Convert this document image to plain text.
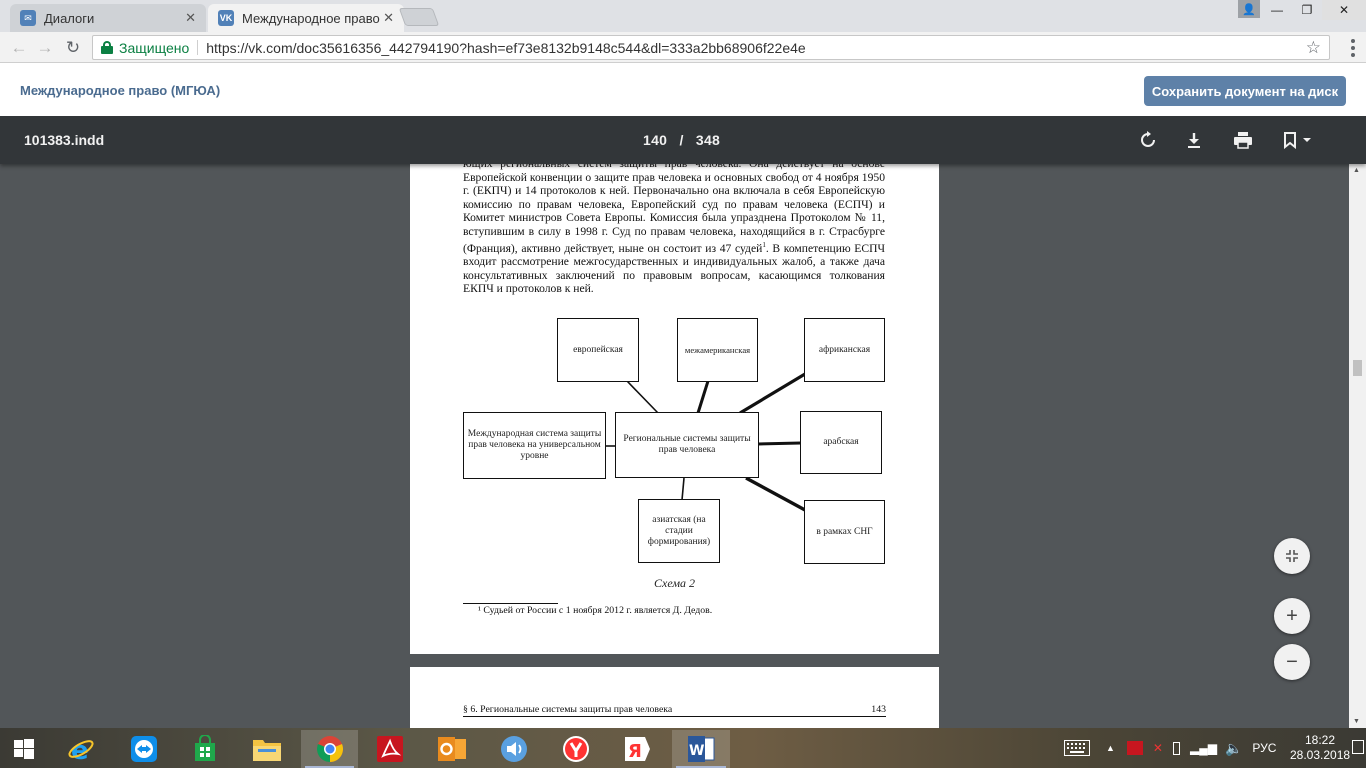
✉ Диалоги	✕	VK Международное право ✕
👤	—	❐	✕
← → ↻	Защищено https://vk.com/doc35616356_442794190?hash=ef73e8132b9148c544&dl=333a2bb68906f22e4e	☆
Международное право (МГЮА)	Сохранить документ на диск
101383.indd	140 / 348

Европейской конвенции о защите прав человека и основных свобод от 4 ноября 1950 г. (ЕКПЧ) и 14 протоколов к ней. Первоначально она включала в себя Европейскую комиссию по правам человека, Европейский суд по правам человека (ЕСПЧ) и Комитет министров Совета Европы. Комиссия была упразднена Протоколом № 11, вступившим в силу в 1998 г. Суд по правам человека, находящийся в г. Страсбурге (Франция), активно действует, ныне он состоит из 47 судей$^1$. В компетенцию ЕСПЧ входит рассмотрение межгосударственных и индивидуальных жалоб, а также дача консультативных заключений по правовым вопросам, касающимся толкования ЕКПЧ и протоколов к ней.

европейская	межамериканская	африканская
Международная система защиты прав человека на универсальном уровне
Региональные системы защиты прав человека
арабская
азиатская (на стадии формирования)
в рамках СНГ
Схема 2
¹ Судьей от России с 1 ноября 2012 г. является Д. Дедов.
§ 6. Региональные системы защиты прав человека	143
+
−
▲
▼
e	Я	W	▲	✕ ▂▄▆ 🔈 РУС
18:22
28.03.2018
